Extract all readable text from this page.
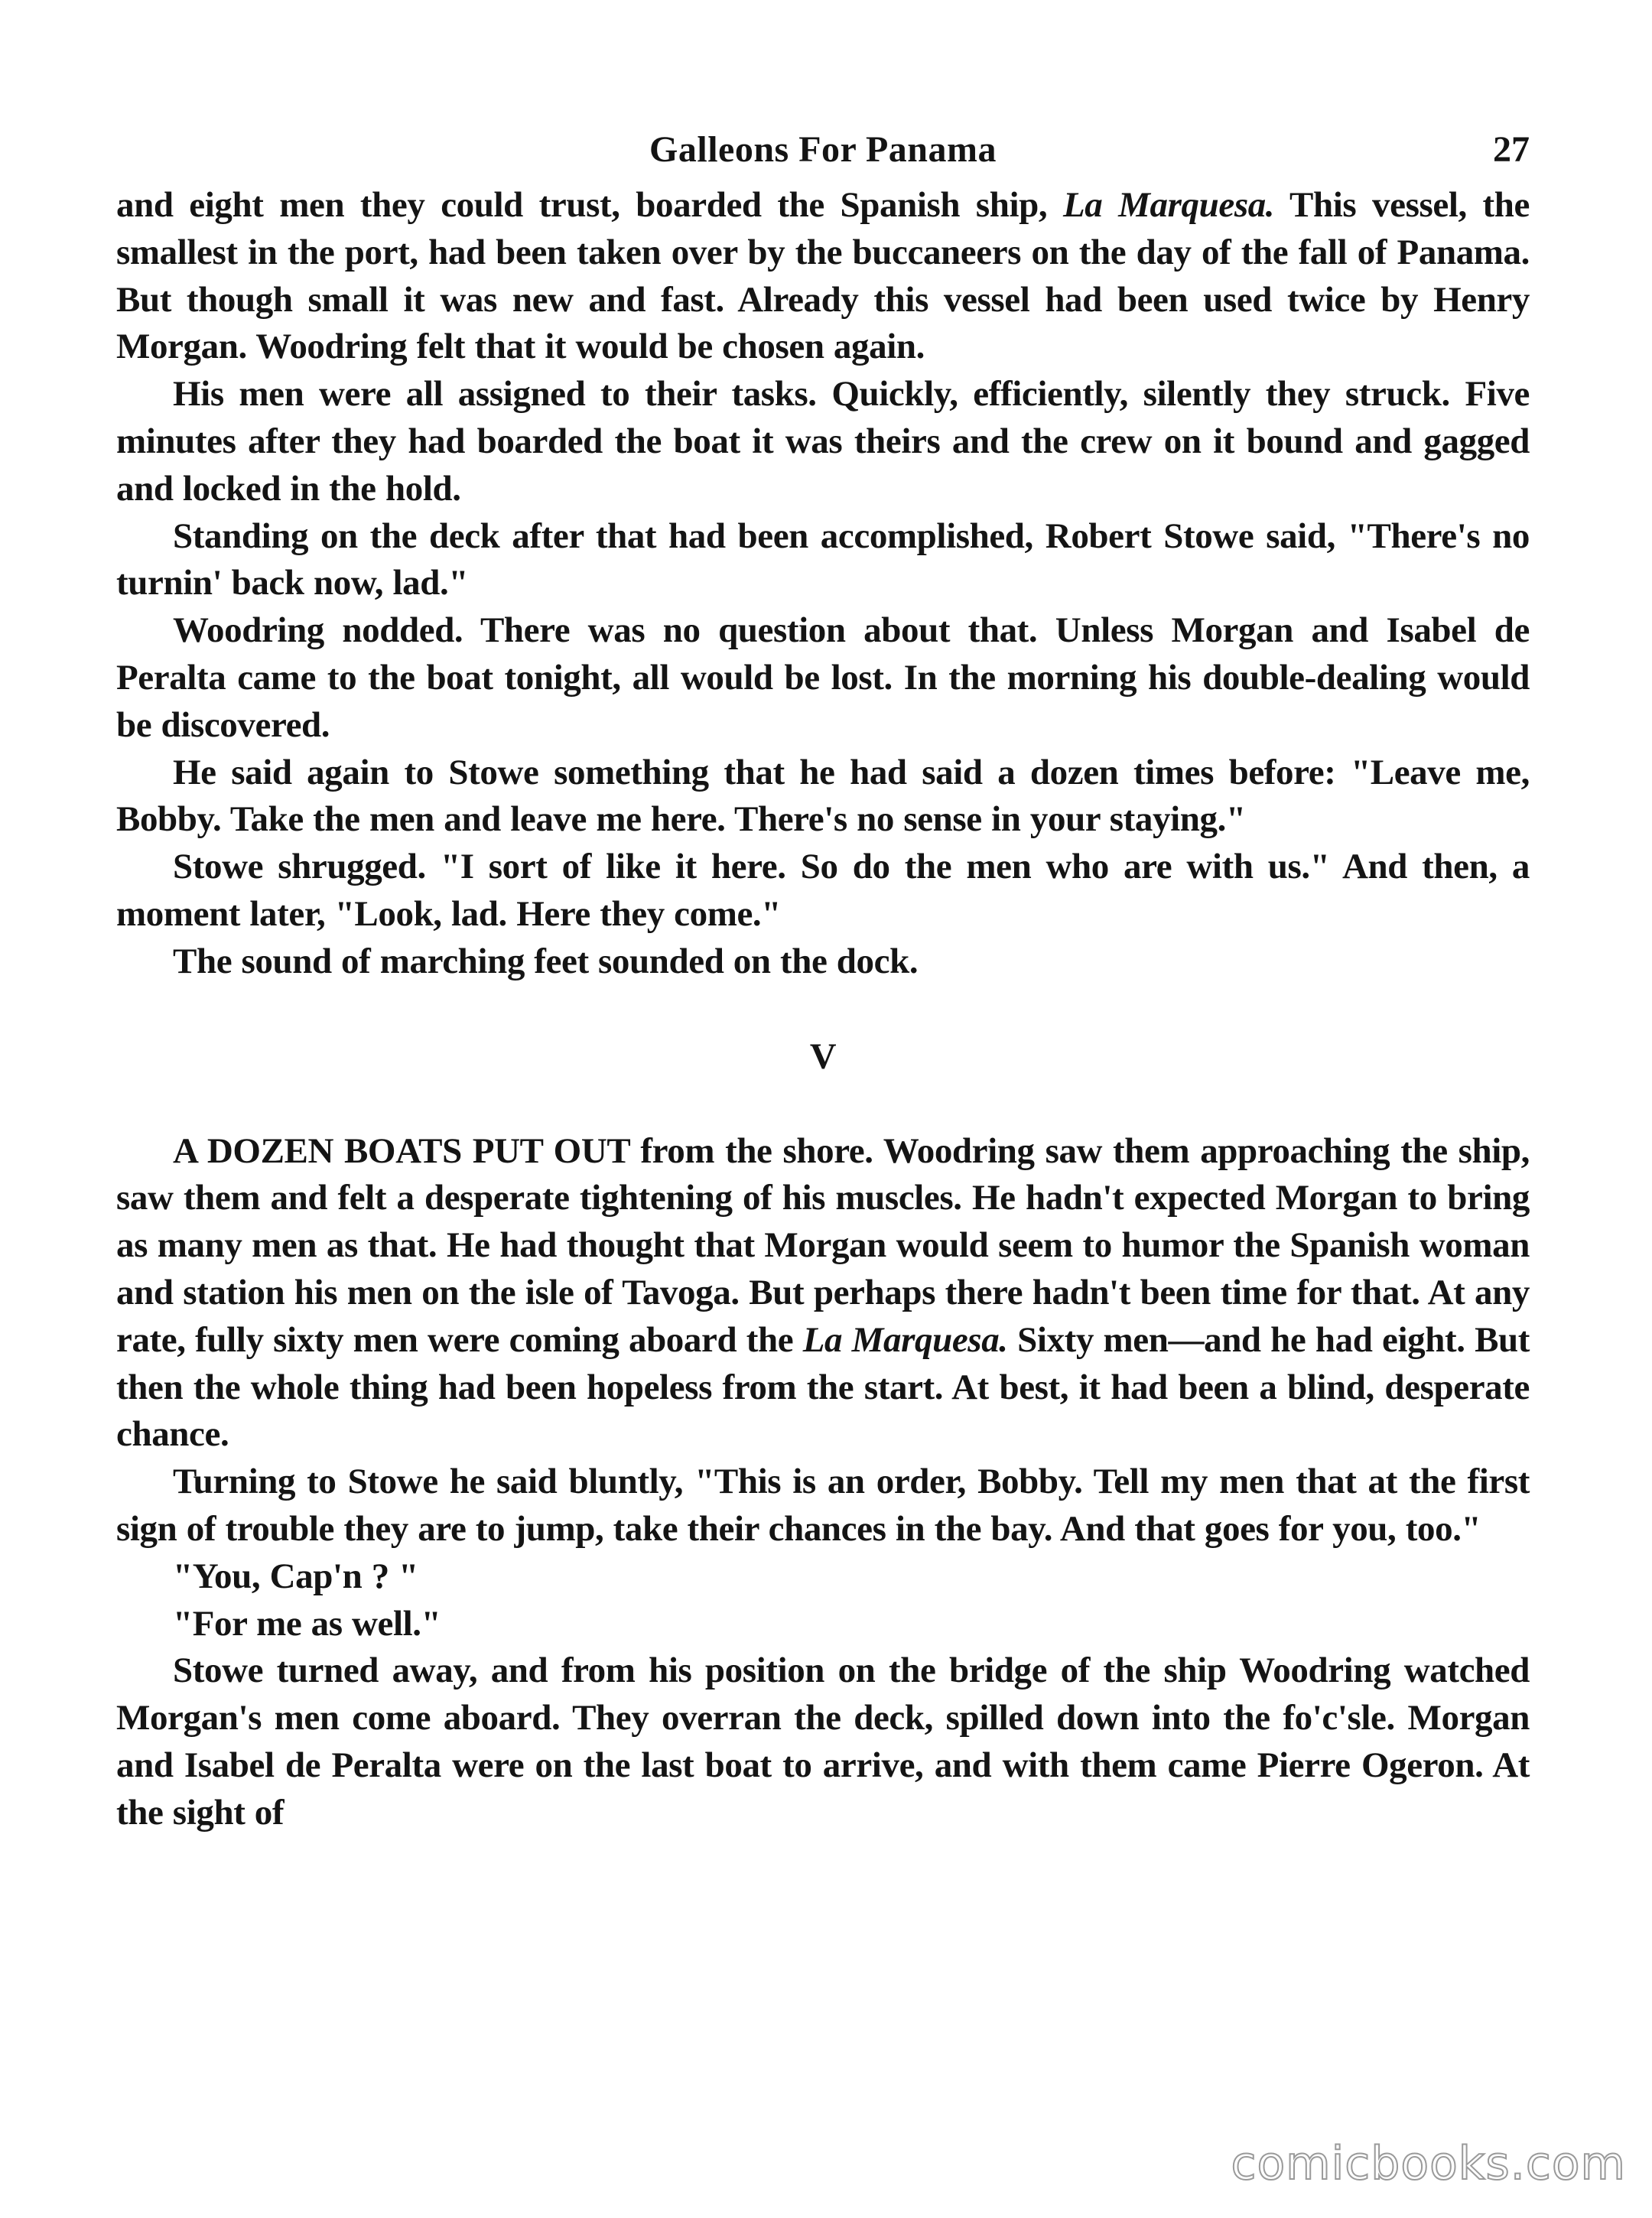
Galleons For Panama	27

and eight men they could trust, boarded the Spanish ship, La Marquesa. This vessel, the smallest in the port, had been taken over by the buccaneers on the day of the fall of Panama. But though small it was new and fast. Already this vessel had been used twice by Henry Morgan. Woodring felt that it would be chosen again.

His men were all assigned to their tasks. Quickly, efficiently, silently they struck. Five minutes after they had boarded the boat it was theirs and the crew on it bound and gagged and locked in the hold.

Standing on the deck after that had been accomplished, Robert Stowe said, "There's no turnin' back now, lad."

Woodring nodded. There was no question about that. Unless Morgan and Isabel de Peralta came to the boat tonight, all would be lost. In the morning his double-dealing would be discovered.

He said again to Stowe something that he had said a dozen times before: "Leave me, Bobby. Take the men and leave me here. There's no sense in your staying."

Stowe shrugged. "I sort of like it here. So do the men who are with us." And then, a moment later, "Look, lad. Here they come."

The sound of marching feet sounded on the dock.

V

A DOZEN BOATS PUT OUT from the shore. Woodring saw them approaching the ship, saw them and felt a desperate tightening of his muscles. He hadn't expected Morgan to bring as many men as that. He had thought that Morgan would seem to humor the Spanish woman and station his men on the isle of Tavoga. But perhaps there hadn't been time for that. At any rate, fully sixty men were coming aboard the La Marquesa. Sixty men—and he had eight. But then the whole thing had been hopeless from the start. At best, it had been a blind, desperate chance.

Turning to Stowe he said bluntly, "This is an order, Bobby. Tell my men that at the first sign of trouble they are to jump, take their chances in the bay. And that goes for you, too."

"You, Cap'n ? "

"For me as well."

Stowe turned away, and from his position on the bridge of the ship Woodring watched Morgan's men come aboard. They overran the deck, spilled down into the fo'c'sle. Morgan and Isabel de Peralta were on the last boat to arrive, and with them came Pierre Ogeron. At the sight of

comicbooks.com
